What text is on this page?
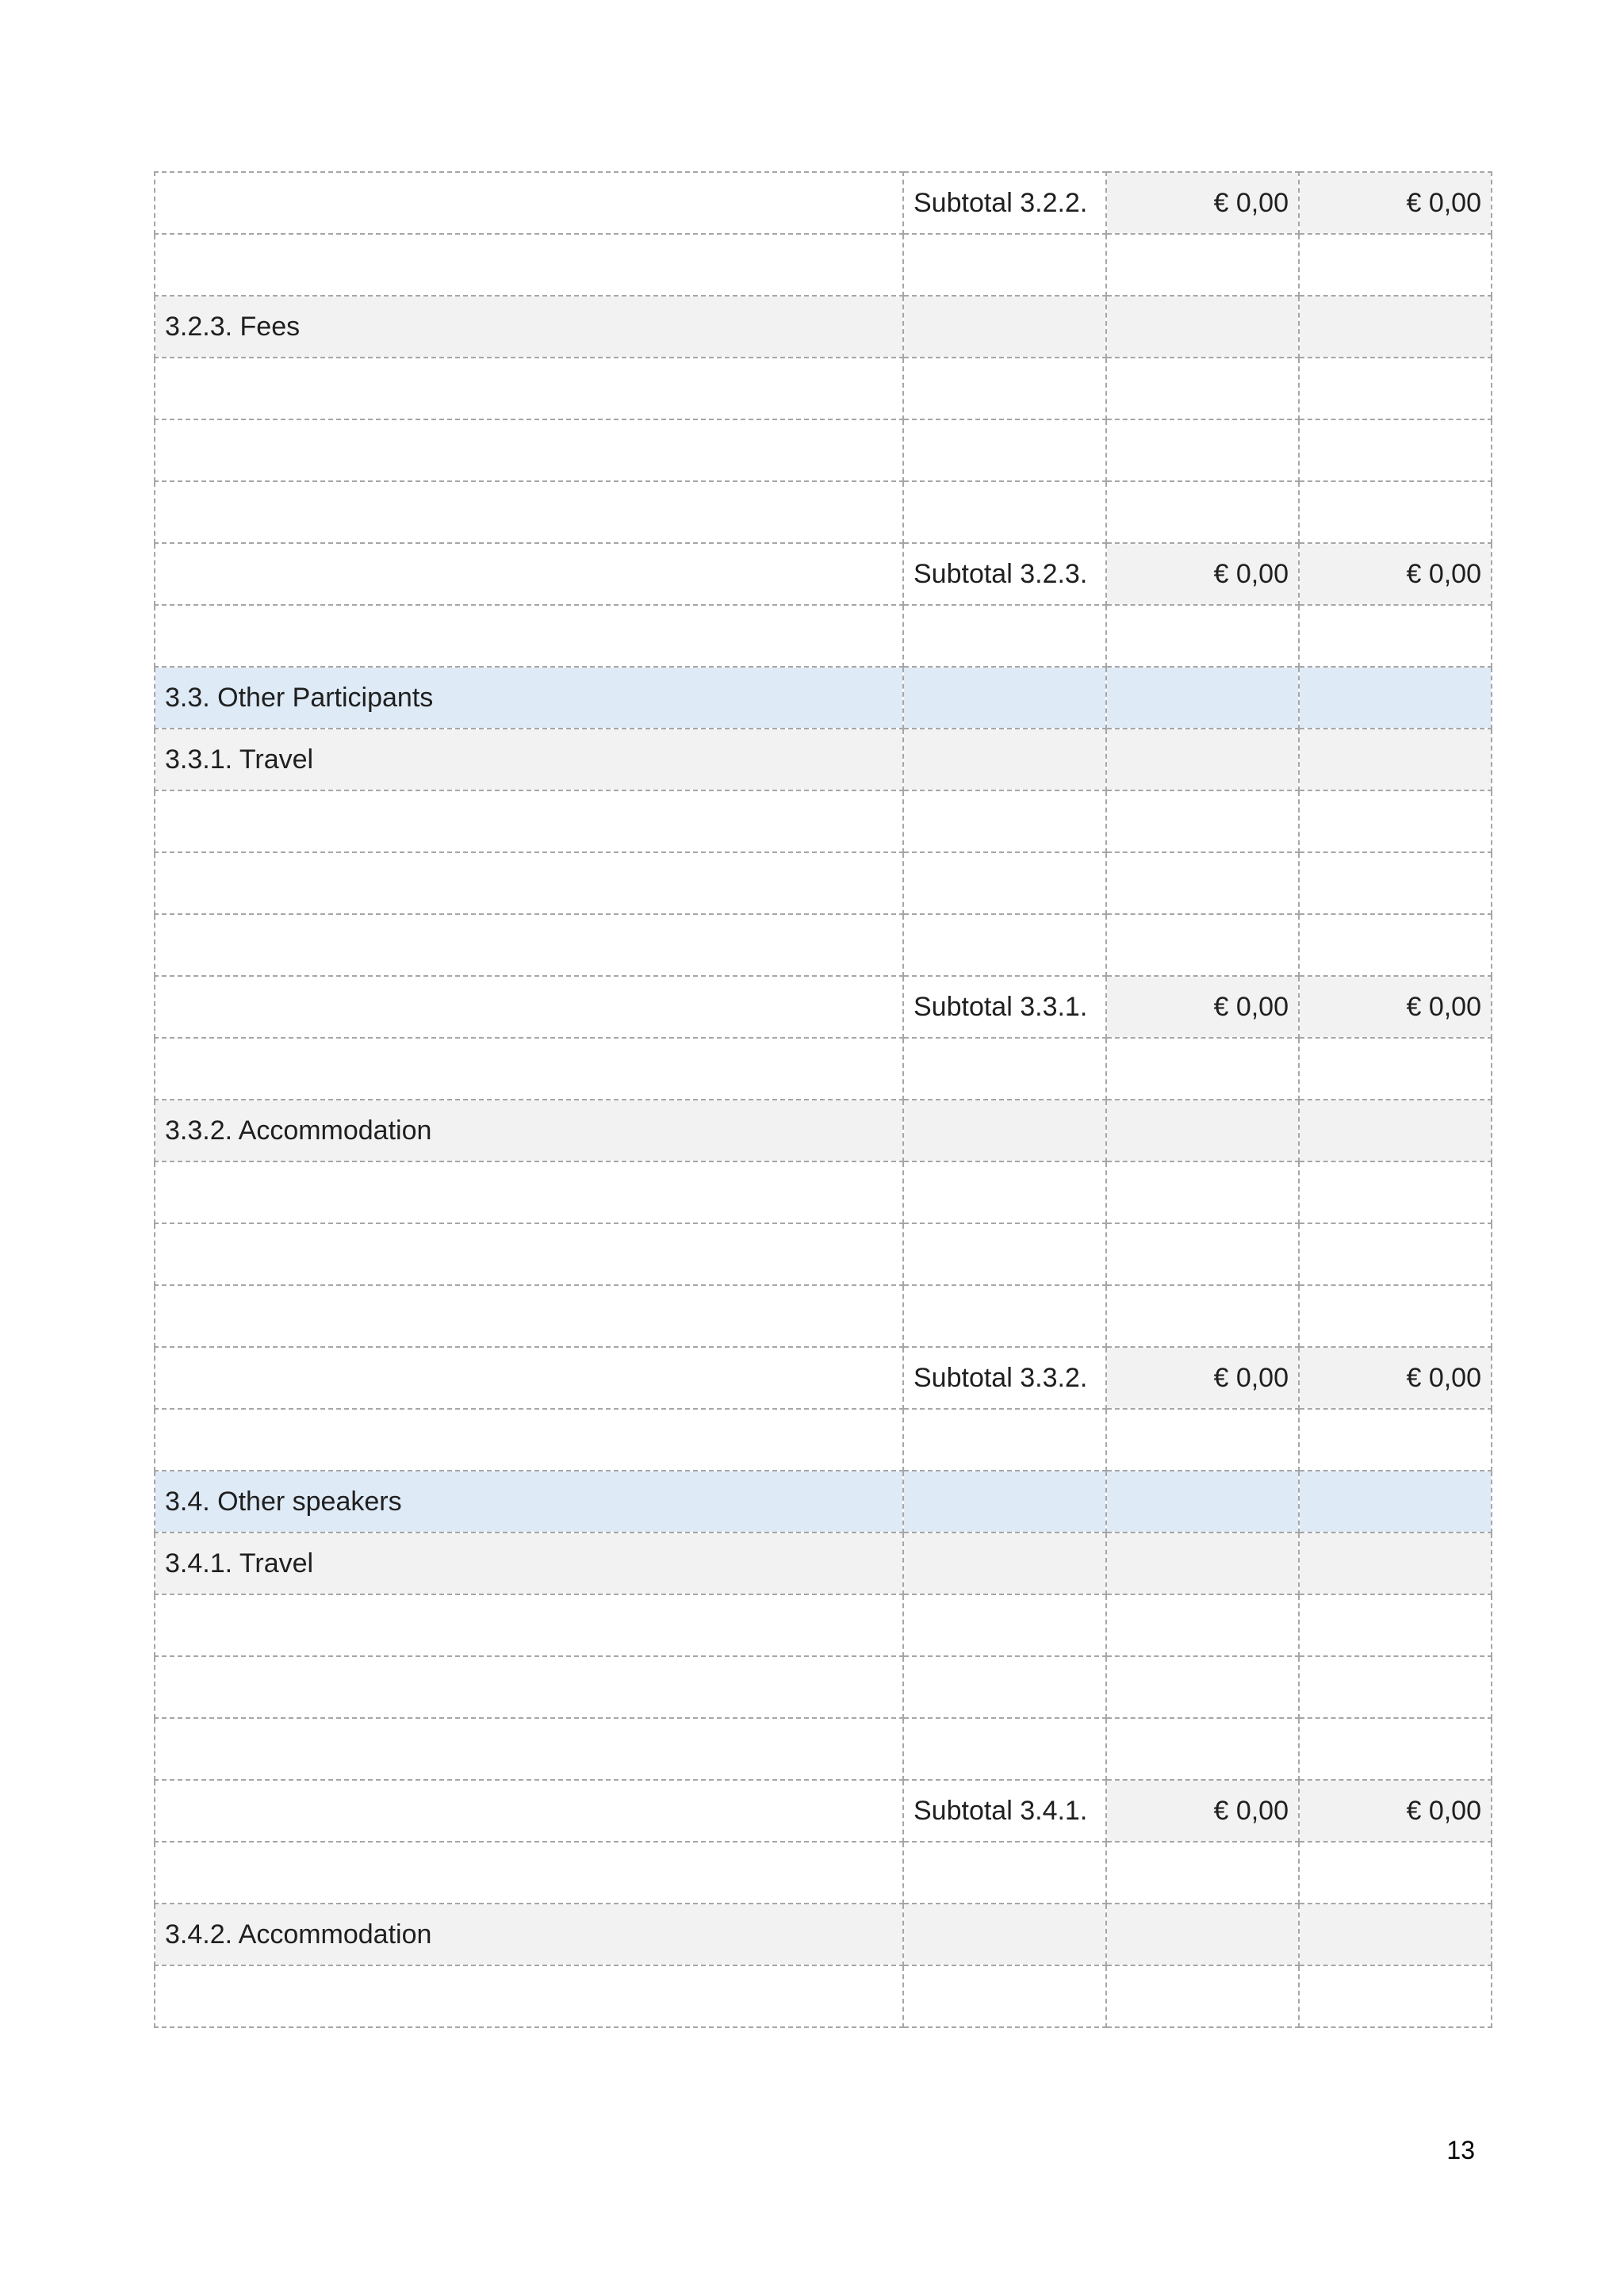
	Subtotal 3.2.2.	€ 0,00	€ 0,00

3.2.3. Fees			

	Subtotal 3.2.3.	€ 0,00	€ 0,00

3.3. Other Participants			
3.3.1. Travel			

	Subtotal 3.3.1.	€ 0,00	€ 0,00

3.3.2. Accommodation			

	Subtotal 3.3.2.	€ 0,00	€ 0,00

3.4. Other speakers			
3.4.1. Travel			

	Subtotal 3.4.1.	€ 0,00	€ 0,00

3.4.2. Accommodation			

13
